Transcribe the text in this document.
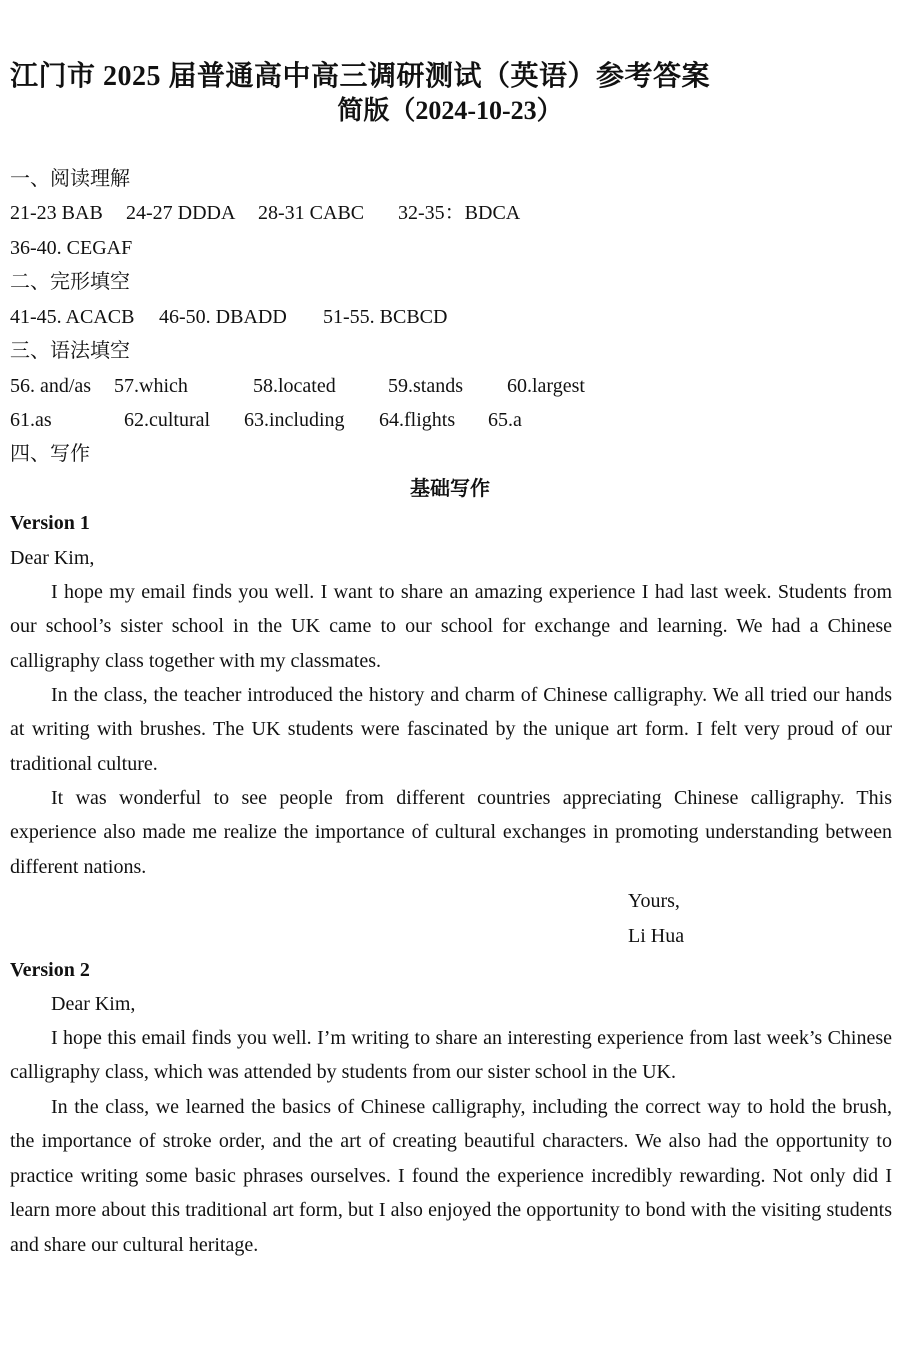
江门市 2025 届普通高中高三调研测试（英语）参考答案
简版（2024-10-23）
一、阅读理解
21-23 BAB 24-27 DDDA 28-31 CABC 32-35：BDCA
36-40. CEGAF
二、完形填空
41-45. ACACB 46-50. DBADD 51-55. BCBCD
三、语法填空
56. and/as 57.which	58.located	59.stands 60.largest
61.as	62.cultural 63.including 64.flights 65.a
四、写作
基础写作
Version 1
Dear Kim,

I hope my email finds you well. I want to share an amazing experience I had last week. Students from our school’s sister school in the UK came to our school for exchange and learning. We had a Chinese calligraphy class together with my classmates.

In the class, the teacher introduced the history and charm of Chinese calligraphy. We all tried our hands at writing with brushes. The UK students were fascinated by the unique art form. I felt very proud of our traditional culture.

It was wonderful to see people from different countries appreciating Chinese calligraphy. This experience also made me realize the importance of cultural exchanges in promoting understanding between different nations.

Yours,
Li Hua
Version 2
Dear Kim,

I hope this email finds you well. I’m writing to share an interesting experience from last week’s Chinese calligraphy class, which was attended by students from our sister school in the UK.

In the class, we learned the basics of Chinese calligraphy, including the correct way to hold the brush, the importance of stroke order, and the art of creating beautiful characters. We also had the opportunity to practice writing some basic phrases ourselves. I found the experience incredibly rewarding. Not only did I learn more about this traditional art form, but I also enjoyed the opportunity to bond with the visiting students and share our cultural heritage.
